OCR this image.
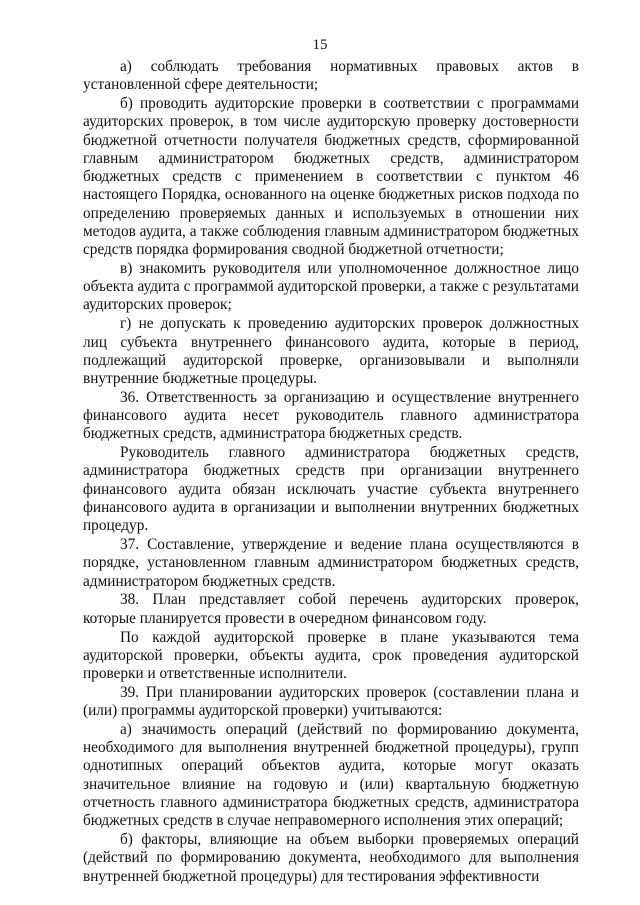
15

а) соблюдать требования нормативных правовых актов в установленной сфере деятельности;

б) проводить аудиторские проверки в соответствии с программами аудиторских проверок, в том числе аудиторскую проверку достоверности бюджетной отчетности получателя бюджетных средств, сформированной главным администратором бюджетных средств, администратором бюджетных средств с применением в соответствии с пунктом 46 настоящего Порядка, основанного на оценке бюджетных рисков подхода по определению проверяемых данных и используемых в отношении них методов аудита, а также соблюдения главным администратором бюджетных средств порядка формирования сводной бюджетной отчетности;

в) знакомить руководителя или уполномоченное должностное лицо объекта аудита с программой аудиторской проверки, а также с результатами аудиторских проверок;

г) не допускать к проведению аудиторских проверок должностных лиц субъекта внутреннего финансового аудита, которые в период, подлежащий аудиторской проверке, организовывали и выполняли внутренние бюджетные процедуры.

36. Ответственность за организацию и осуществление внутреннего финансового аудита несет руководитель главного администратора бюджетных средств, администратора бюджетных средств.

Руководитель главного администратора бюджетных средств, администратора бюджетных средств при организации внутреннего финансового аудита обязан исключать участие субъекта внутреннего финансового аудита в организации и выполнении внутренних бюджетных процедур.

37. Составление, утверждение и ведение плана осуществляются в порядке, установленном главным администратором бюджетных средств, администратором бюджетных средств.

38. План представляет собой перечень аудиторских проверок, которые планируется провести в очередном финансовом году.

По каждой аудиторской проверке в плане указываются тема аудиторской проверки, объекты аудита, срок проведения аудиторской проверки и ответственные исполнители.

39. При планировании аудиторских проверок (составлении плана и (или) программы аудиторской проверки) учитываются:

а) значимость операций (действий по формированию документа, необходимого для выполнения внутренней бюджетной процедуры), групп однотипных операций объектов аудита, которые могут оказать значительное влияние на годовую и (или) квартальную бюджетную отчетность главного администратора бюджетных средств, администратора бюджетных средств в случае неправомерного исполнения этих операций;

б) факторы, влияющие на объем выборки проверяемых операций (действий по формированию документа, необходимого для выполнения внутренней бюджетной процедуры) для тестирования эффективности
